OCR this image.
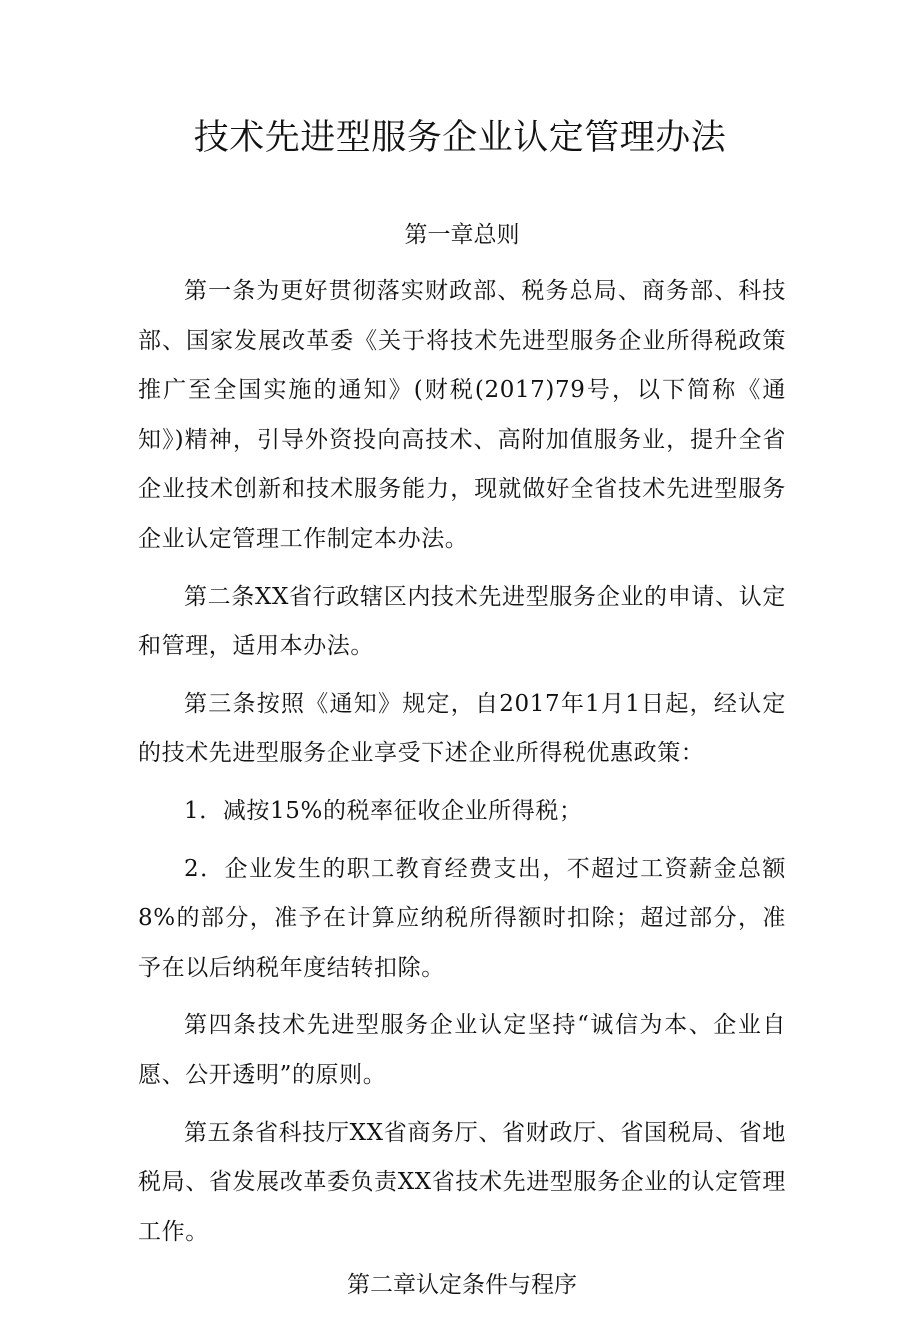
技术先进型服务企业认定管理办法
第一章总则

第一条为更好贯彻落实财政部、税务总局、商务部、科技部、国家发展改革委《关于将技术先进型服务企业所得税政策推广至全国实施的通知》(财税(2017)79号，以下简称《通知》)精神，引导外资投向高技术、高附加值服务业，提升全省企业技术创新和技术服务能力，现就做好全省技术先进型服务企业认定管理工作制定本办法。

第二条XX省行政辖区内技术先进型服务企业的申请、认定和管理，适用本办法。

第三条按照《通知》规定，自2017年1月1日起，经认定的技术先进型服务企业享受下述企业所得税优惠政策：

1．减按15%的税率征收企业所得税；

2．企业发生的职工教育经费支出，不超过工资薪金总额8%的部分，准予在计算应纳税所得额时扣除；超过部分，准予在以后纳税年度结转扣除。

第四条技术先进型服务企业认定坚持“诚信为本、企业自愿、公开透明”的原则。

第五条省科技厅XX省商务厅、省财政厅、省国税局、省地税局、省发展改革委负责XX省技术先进型服务企业的认定管理工作。

第二章认定条件与程序
